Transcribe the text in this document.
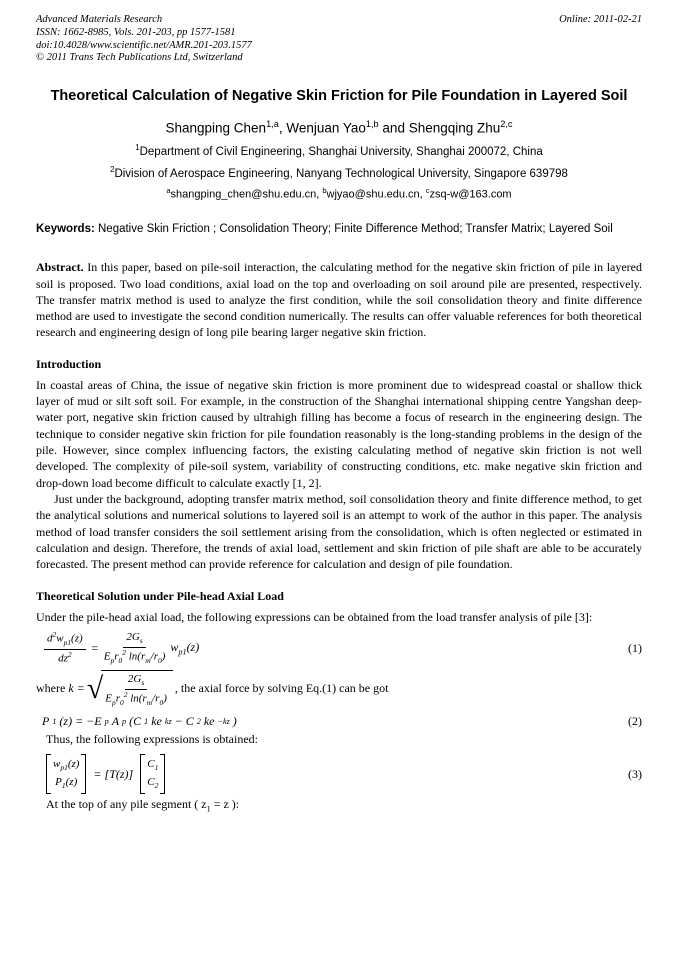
Advanced Materials Research
ISSN: 1662-8985, Vols. 201-203, pp 1577-1581
doi:10.4028/www.scientific.net/AMR.201-203.1577
© 2011 Trans Tech Publications Ltd, Switzerland
Online: 2011-02-21
Theoretical Calculation of Negative Skin Friction for Pile Foundation in Layered Soil
Shangping Chen$^{1,a}$, Wenjuan Yao$^{1,b}$ and Shengqing Zhu$^{2,c}$
$^1$Department of Civil Engineering, Shanghai University, Shanghai 200072, China
$^2$Division of Aerospace Engineering, Nanyang Technological University, Singapore 639798
$^a$shangping_chen@shu.edu.cn, $^b$wjyao@shu.edu.cn, $^c$zsq-w@163.com
Keywords: Negative Skin Friction ; Consolidation Theory; Finite Difference Method; Transfer Matrix; Layered Soil
Abstract. In this paper, based on pile-soil interaction, the calculating method for the negative skin friction of pile in layered soil is proposed. Two load conditions, axial load on the top and overloading on soil around pile are presented, respectively. The transfer matrix method is used to analyze the first condition, while the soil consolidation theory and finite difference method are used to investigate the second condition numerically. The results can offer valuable references for both theoretical research and engineering design of long pile bearing larger negative skin friction.
Introduction
In coastal areas of China, the issue of negative skin friction is more prominent due to widespread coastal or shallow thick layer of mud or silt soft soil. For example, in the construction of the Shanghai international shipping centre Yangshan deep-water port, negative skin friction caused by ultrahigh filling has become a focus of research in the engineering design. The technique to consider negative skin friction for pile foundation reasonably is the long-standing problems in the design of the pile. However, since complex influencing factors, the existing calculating method of negative skin friction is not well developed. The complexity of pile-soil system, variability of constructing conditions, etc. make negative skin friction and drop-down load become difficult to calculate exactly [1, 2].
Just under the background, adopting transfer matrix method, soil consolidation theory and finite difference method, to get the analytical solutions and numerical solutions to layered soil is an attempt to work of the author in this paper. The analysis method of load transfer considers the soil settlement arising from the consolidation, which is often neglected or estimated in calculation and design. Therefore, the trends of axial load, settlement and skin friction of pile shaft are able to be accurately forecasted. The present method can provide reference for calculation and design of pile foundation.
Theoretical Solution under Pile-head Axial Load
Under the pile-head axial load, the following expressions can be obtained from the load transfer analysis of pile [3]:
$\frac{d^2w_{p1}(z)}{dz^2} = \frac{2G_s}{E_pr_0^2 \ln(r_m/r_0)} w_{p1}(z)$	(1)
where
k = √ $\frac{2G_s}{E_pr_0^2 \ln(r_m/r_0)}$ , the axial force by solving Eq.(1) can be got
P 1 (z) = −E p A p (C 1 ke kz − C 2 ke −kz )	(2)
Thus, the following expressions is obtained:
$w_{p1}(z)$
$P_1(z)$
= [T(z)]
$C_1$
$C_2$
(3)
At the top of any pile segment ( $z_1 = z$ ):
